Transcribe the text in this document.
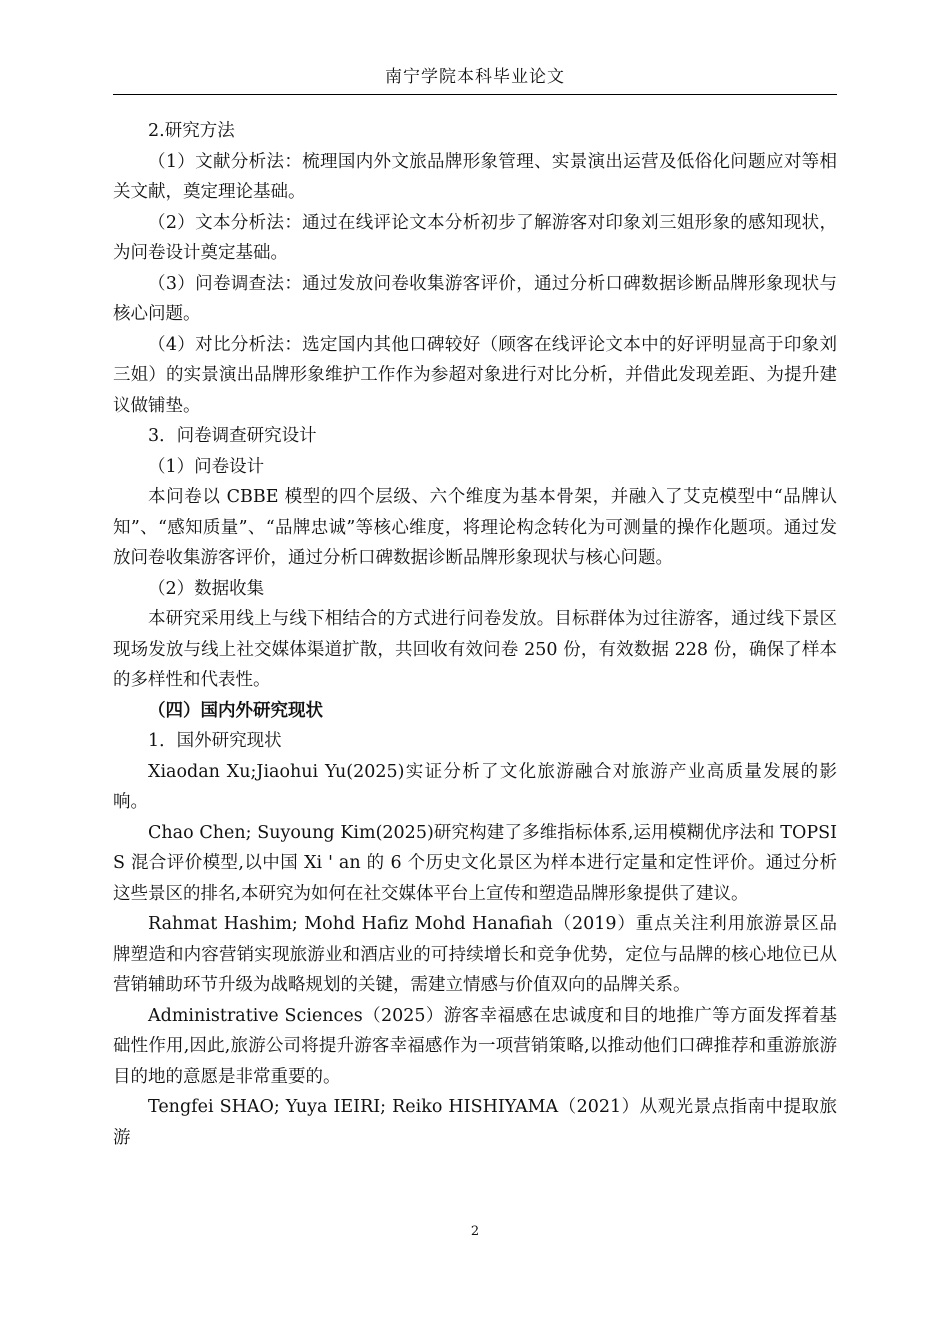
南宁学院本科毕业论文

2.研究方法

（1）文献分析法：梳理国内外文旅品牌形象管理、实景演出运营及低俗化问题应对等相关文献，奠定理论基础。

（2）文本分析法：通过在线评论文本分析初步了解游客对印象刘三姐形象的感知现状，为问卷设计奠定基础。

（3）问卷调查法：通过发放问卷收集游客评价，通过分析口碑数据诊断品牌形象现状与核心问题。

（4）对比分析法：选定国内其他口碑较好（顾客在线评论文本中的好评明显高于印象刘三姐）的实景演出品牌形象维护工作作为参超对象进行对比分析，并借此发现差距、为提升建议做铺垫。

3．问卷调查研究设计

（1）问卷设计

本问卷以 CBBE 模型的四个层级、六个维度为基本骨架，并融入了艾克模型中“品牌认知”、“感知质量”、“品牌忠诚”等核心维度，将理论构念转化为可测量的操作化题项。通过发放问卷收集游客评价，通过分析口碑数据诊断品牌形象现状与核心问题。

（2）数据收集

本研究采用线上与线下相结合的方式进行问卷发放。目标群体为过往游客，通过线下景区现场发放与线上社交媒体渠道扩散，共回收有效问卷 250 份，有效数据 228 份，确保了样本的多样性和代表性。

（四）国内外研究现状

1．国外研究现状

Xiaodan Xu;Jiaohui Yu(2025)实证分析了文化旅游融合对旅游产业高质量发展的影响。

Chao Chen; Suyoung Kim(2025)研究构建了多维指标体系,运用模糊优序法和 TOPSIS 混合评价模型,以中国 Xi ' an 的 6 个历史文化景区为样本进行定量和定性评价。通过分析这些景区的排名,本研究为如何在社交媒体平台上宣传和塑造品牌形象提供了建议。

Rahmat Hashim; Mohd Hafiz Mohd Hanafiah（2019）重点关注利用旅游景区品牌塑造和内容营销实现旅游业和酒店业的可持续增长和竞争优势，定位与品牌的核心地位已从营销辅助环节升级为战略规划的关键，需建立情感与价值双向的品牌关系。

Administrative Sciences（2025）游客幸福感在忠诚度和目的地推广等方面发挥着基础性作用,因此,旅游公司将提升游客幸福感作为一项营销策略,以推动他们口碑推荐和重游旅游目的地的意愿是非常重要的。

Tengfei SHAO; Yuya IEIRI; Reiko HISHIYAMA（2021）从观光景点指南中提取旅游

2
